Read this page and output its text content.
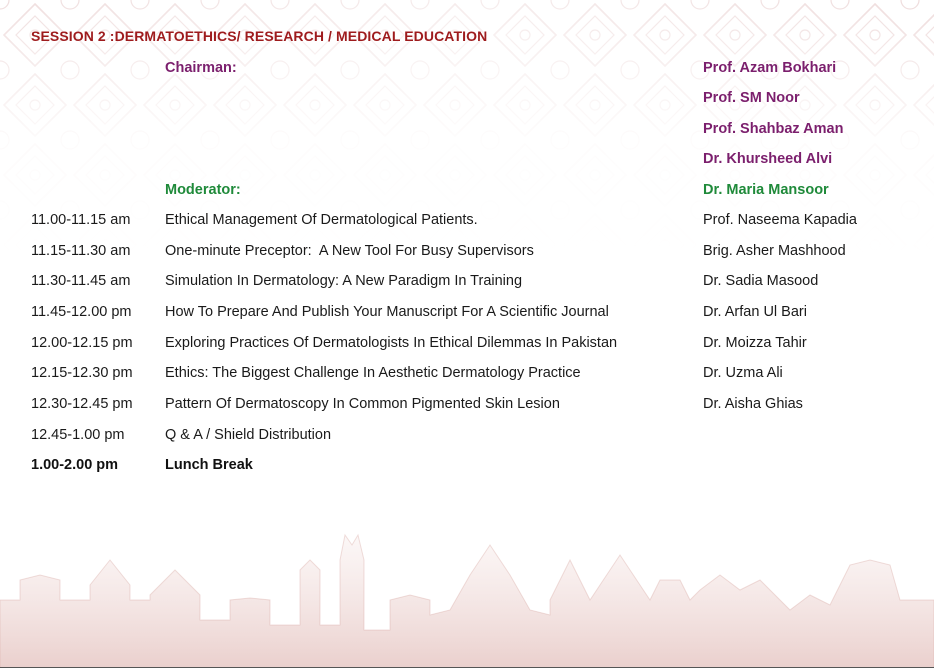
SESSION 2 :DERMATOETHICS/ RESEARCH / MEDICAL EDUCATION
Chairman:	Prof. Azam Bokhari
Prof. SM Noor
Prof. Shahbaz Aman
Dr. Khursheed Alvi
Moderator:	Dr. Maria Mansoor
11.00-11.15 am Ethical Management Of Dermatological Patients.	Prof. Naseema Kapadia
11.15-11.30 am One-minute Preceptor:  A New Tool For Busy Supervisors	Brig. Asher Mashhood
11.30-11.45 am Simulation In Dermatology: A New Paradigm In Training	Dr. Sadia Masood
11.45-12.00 pm How To Prepare And Publish Your Manuscript For A Scientific Journal	Dr. Arfan Ul Bari
12.00-12.15 pm Exploring Practices Of Dermatologists In Ethical Dilemmas In Pakistan	Dr. Moizza Tahir
12.15-12.30 pm Ethics: The Biggest Challenge In Aesthetic Dermatology Practice	Dr. Uzma Ali
12.30-12.45 pm Pattern Of Dermatoscopy In Common Pigmented Skin Lesion	Dr. Aisha Ghias
12.45-1.00 pm	Q & A / Shield Distribution
1.00-2.00 pm	Lunch Break
